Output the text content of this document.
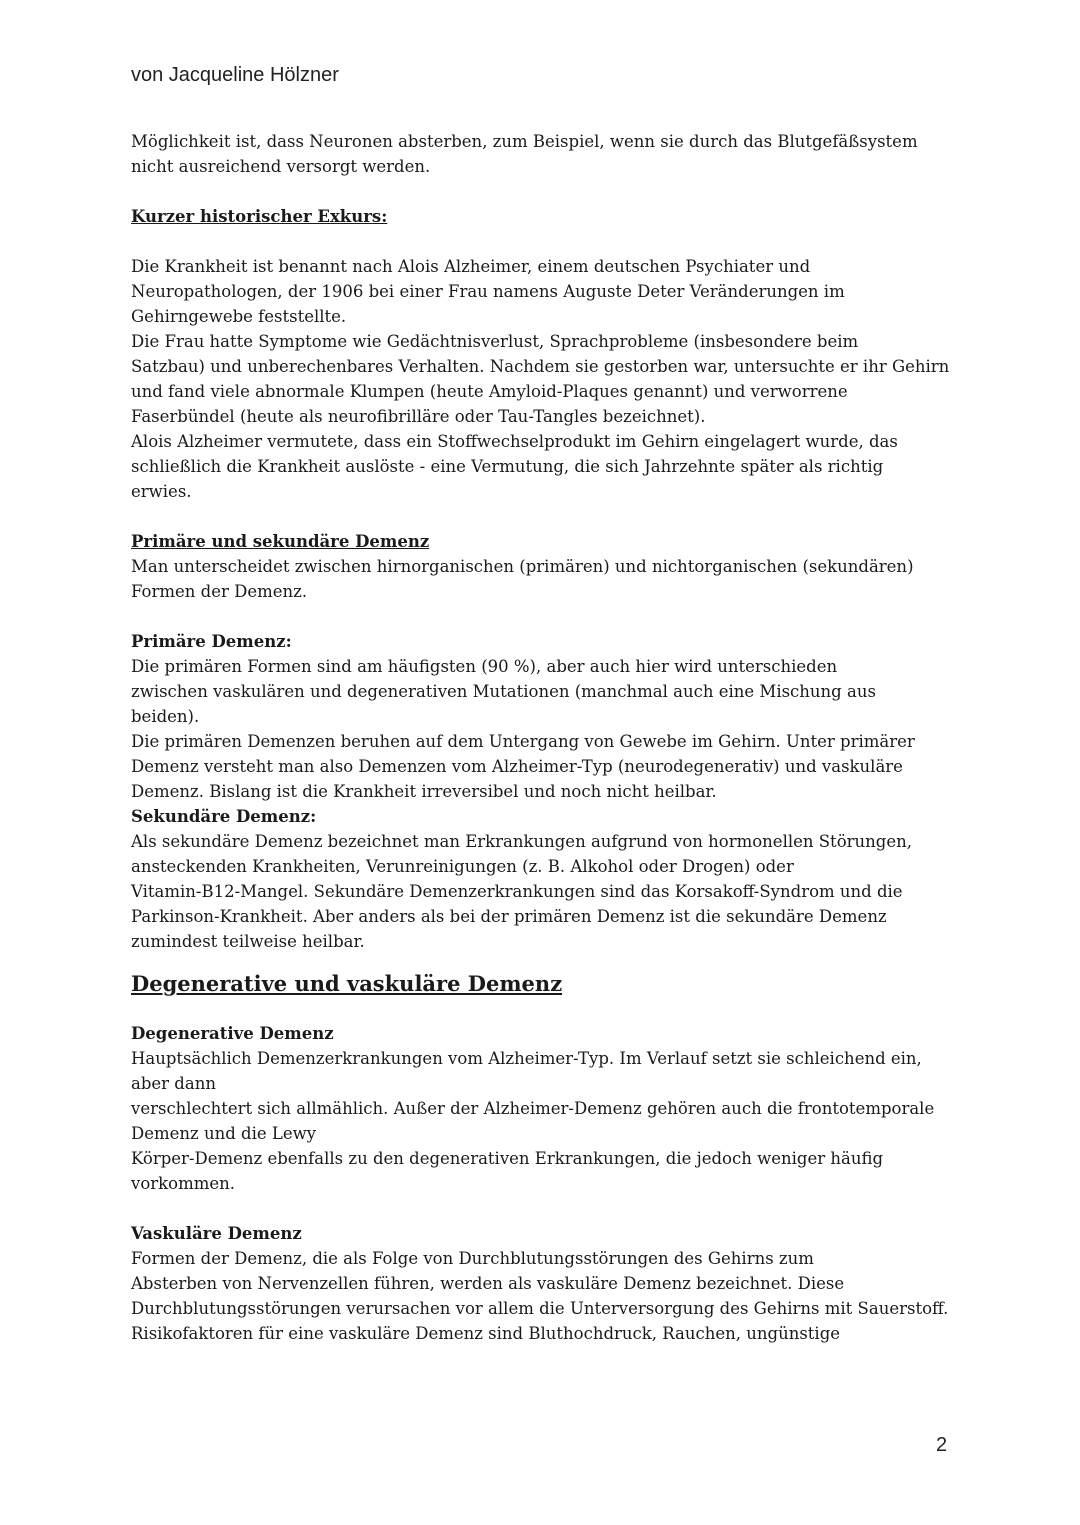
von Jacqueline Hölzner
Möglichkeit ist, dass Neuronen absterben, zum Beispiel, wenn sie durch das Blutgefäßsystem
nicht ausreichend versorgt werden.
Kurzer historischer Exkurs:
Die Krankheit ist benannt nach Alois Alzheimer, einem deutschen Psychiater und
Neuropathologen, der 1906 bei einer Frau namens Auguste Deter Veränderungen im
Gehirngewebe feststellte.
Die Frau hatte Symptome wie Gedächtnisverlust, Sprachprobleme (insbesondere beim
Satzbau) und unberechenbares Verhalten. Nachdem sie gestorben war, untersuchte er ihr Gehirn
und fand viele abnormale Klumpen (heute Amyloid-Plaques genannt) und verworrene
Faserbündel (heute als neurofibrilläre oder Tau-Tangles bezeichnet).
Alois Alzheimer vermutete, dass ein Stoffwechselprodukt im Gehirn eingelagert wurde, das
schließlich die Krankheit auslöste - eine Vermutung, die sich Jahrzehnte später als richtig
erwies.
Primäre und sekundäre Demenz
Man unterscheidet zwischen hirnorganischen (primären) und nichtorganischen (sekundären)
Formen der Demenz.
Primäre Demenz:
Die primären Formen sind am häufigsten (90 %), aber auch hier wird unterschieden
zwischen vaskulären und degenerativen Mutationen (manchmal auch eine Mischung aus
beiden).
Die primären Demenzen beruhen auf dem Untergang von Gewebe im Gehirn. Unter primärer
Demenz versteht man also Demenzen vom Alzheimer-Typ (neurodegenerativ) und vaskuläre
Demenz. Bislang ist die Krankheit irreversibel und noch nicht heilbar.
Sekundäre Demenz:
Als sekundäre Demenz bezeichnet man Erkrankungen aufgrund von hormonellen Störungen,
ansteckenden Krankheiten, Verunreinigungen (z. B. Alkohol oder Drogen) oder
Vitamin-B12-Mangel. Sekundäre Demenzerkrankungen sind das Korsakoff-Syndrom und die
Parkinson-Krankheit. Aber anders als bei der primären Demenz ist die sekundäre Demenz
zumindest teilweise heilbar.
Degenerative und vaskuläre Demenz
Degenerative Demenz
Hauptsächlich Demenzerkrankungen vom Alzheimer-Typ. Im Verlauf setzt sie schleichend ein,
aber dann
verschlechtert sich allmählich. Außer der Alzheimer-Demenz gehören auch die frontotemporale
Demenz und die Lewy
Körper-Demenz ebenfalls zu den degenerativen Erkrankungen, die jedoch weniger häufig
vorkommen.
Vaskuläre Demenz
Formen der Demenz, die als Folge von Durchblutungsstörungen des Gehirns zum
Absterben von Nervenzellen führen, werden als vaskuläre Demenz bezeichnet. Diese
Durchblutungsstörungen verursachen vor allem die Unterversorgung des Gehirns mit Sauerstoff.
Risikofaktoren für eine vaskuläre Demenz sind Bluthochdruck, Rauchen, ungünstige
2
